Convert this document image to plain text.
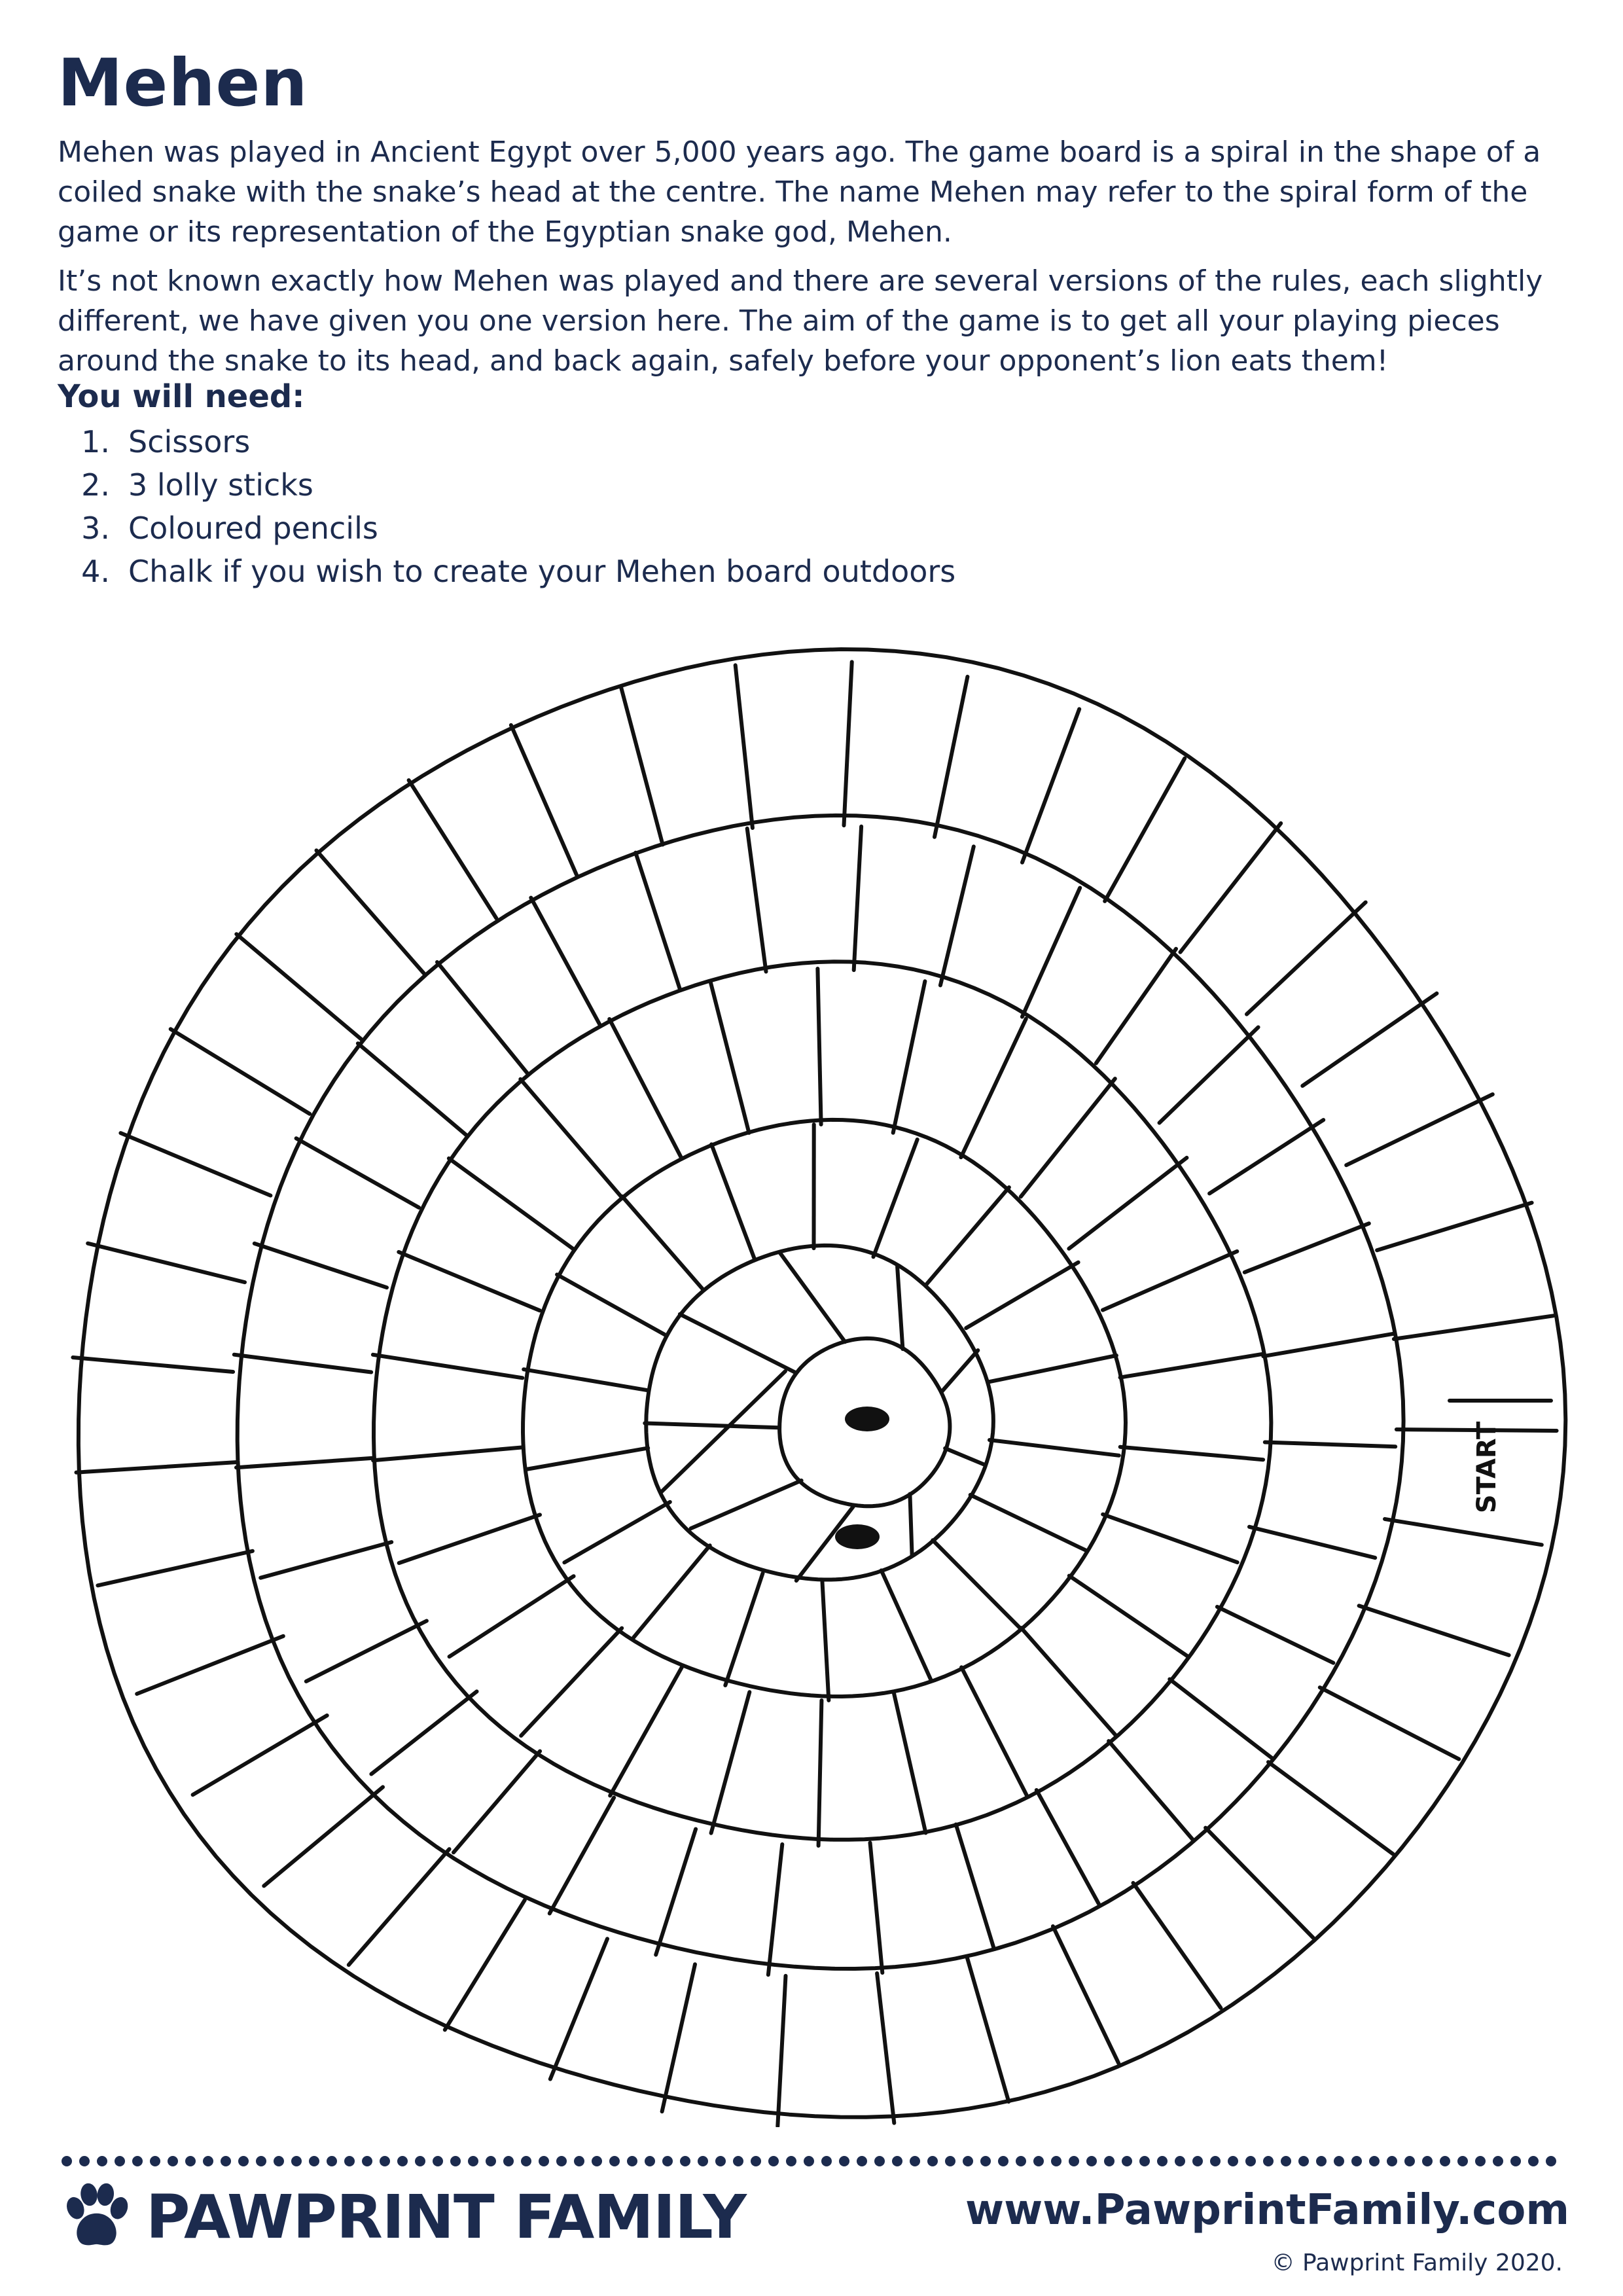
Mehen

Mehen was played in Ancient Egypt over 5,000 years ago. The game board is a spiral in the shape of a coiled snake with the snake’s head at the centre. The name Mehen may refer to the spiral form of the game or its representation of the Egyptian snake god, Mehen.

It’s not known exactly how Mehen was played and there are several versions of the rules, each slightly different, we have given you one version here. The aim of the game is to get all your playing pieces around the snake to its head, and back again, safely before your opponent’s lion eats them!

You will need:
1. Scissors
2. 3 lolly sticks
3. Coloured pencils
4. Chalk if you wish to create your Mehen board outdoors
START
PAWPRINT FAMILY	www.PawprintFamily.com
© Pawprint Family 2020.
